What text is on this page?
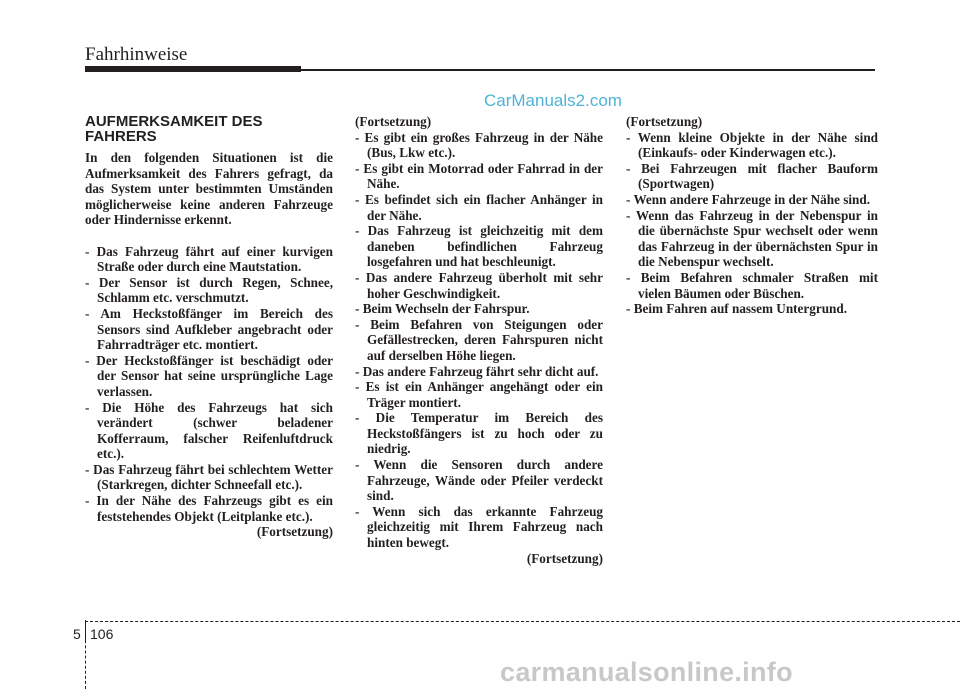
Fahrhinweise
CarManuals2.com
AUFMERKSAMKEIT DES FAHRERS

In den folgenden Situationen ist die Aufmerksamkeit des Fahrers gefragt, da das System unter bestimmten Umständen möglicherweise keine anderen Fahrzeuge oder Hindernisse erkennt.

- Das Fahrzeug fährt auf einer kurvigen Straße oder durch eine Mautstation.
- Der Sensor ist durch Regen, Schnee, Schlamm etc. verschmutzt.
- Am Heckstoßfänger im Bereich des Sensors sind Aufkleber angebracht oder Fahrradträger etc. montiert.
- Der Heckstoßfänger ist beschädigt oder der Sensor hat seine ursprüngliche Lage verlassen.
- Die Höhe des Fahrzeugs hat sich verändert (schwer beladener Kofferraum, falscher Reifenluftdruck etc.).
- Das Fahrzeug fährt bei schlechtem Wetter (Starkregen, dichter Schneefall etc.).
- In der Nähe des Fahrzeugs gibt es ein feststehendes Objekt (Leitplanke etc.).
(Fortsetzung)
(Fortsetzung)
- Es gibt ein großes Fahrzeug in der Nähe (Bus, Lkw etc.).
- Es gibt ein Motorrad oder Fahrrad in der Nähe.
- Es befindet sich ein flacher Anhänger in der Nähe.
- Das Fahrzeug ist gleichzeitig mit dem daneben befindlichen Fahrzeug losgefahren und hat beschleunigt.
- Das andere Fahrzeug überholt mit sehr hoher Geschwindigkeit.
- Beim Wechseln der Fahrspur.
- Beim Befahren von Steigungen oder Gefällestrecken, deren Fahrspuren nicht auf derselben Höhe liegen.
- Das andere Fahrzeug fährt sehr dicht auf.
- Es ist ein Anhänger angehängt oder ein Träger montiert.
- Die Temperatur im Bereich des Heckstoßfängers ist zu hoch oder zu niedrig.
- Wenn die Sensoren durch andere Fahrzeuge, Wände oder Pfeiler verdeckt sind.
- Wenn sich das erkannte Fahrzeug gleichzeitig mit Ihrem Fahrzeug nach hinten bewegt.
(Fortsetzung)
(Fortsetzung)
- Wenn kleine Objekte in der Nähe sind (Einkaufs- oder Kinderwagen etc.).
- Bei Fahrzeugen mit flacher Bauform (Sportwagen)
- Wenn andere Fahrzeuge in der Nähe sind.
- Wenn das Fahrzeug in der Nebenspur in die übernächste Spur wechselt oder wenn das Fahrzeug in der übernächsten Spur in die Nebenspur wechselt.
- Beim Befahren schmaler Straßen mit vielen Bäumen oder Büschen.
- Beim Fahren auf nassem Untergrund.
5 106
carmanualsonline.info
